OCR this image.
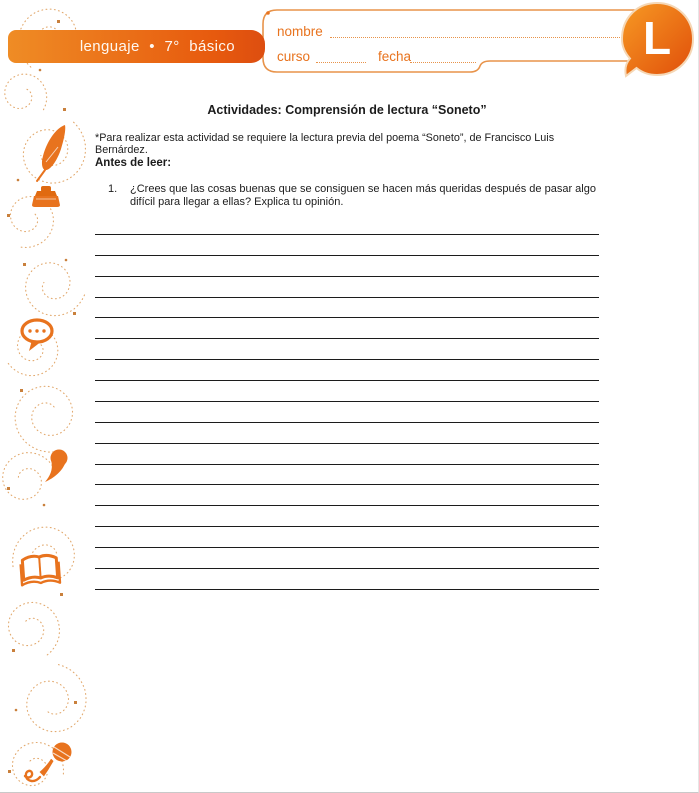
lenguaje • 7° básico
nombre
curso	fecha	L
Actividades: Comprensión de lectura “Soneto”
*Para realizar esta actividad se requiere la lectura previa del poema “Soneto”, de Francisco Luis Bernárdez.
Antes de leer:
1.	¿Crees que las cosas buenas que se consiguen se hacen más queridas después de pasar algo difícil para llegar a ellas? Explica tu opinión.
